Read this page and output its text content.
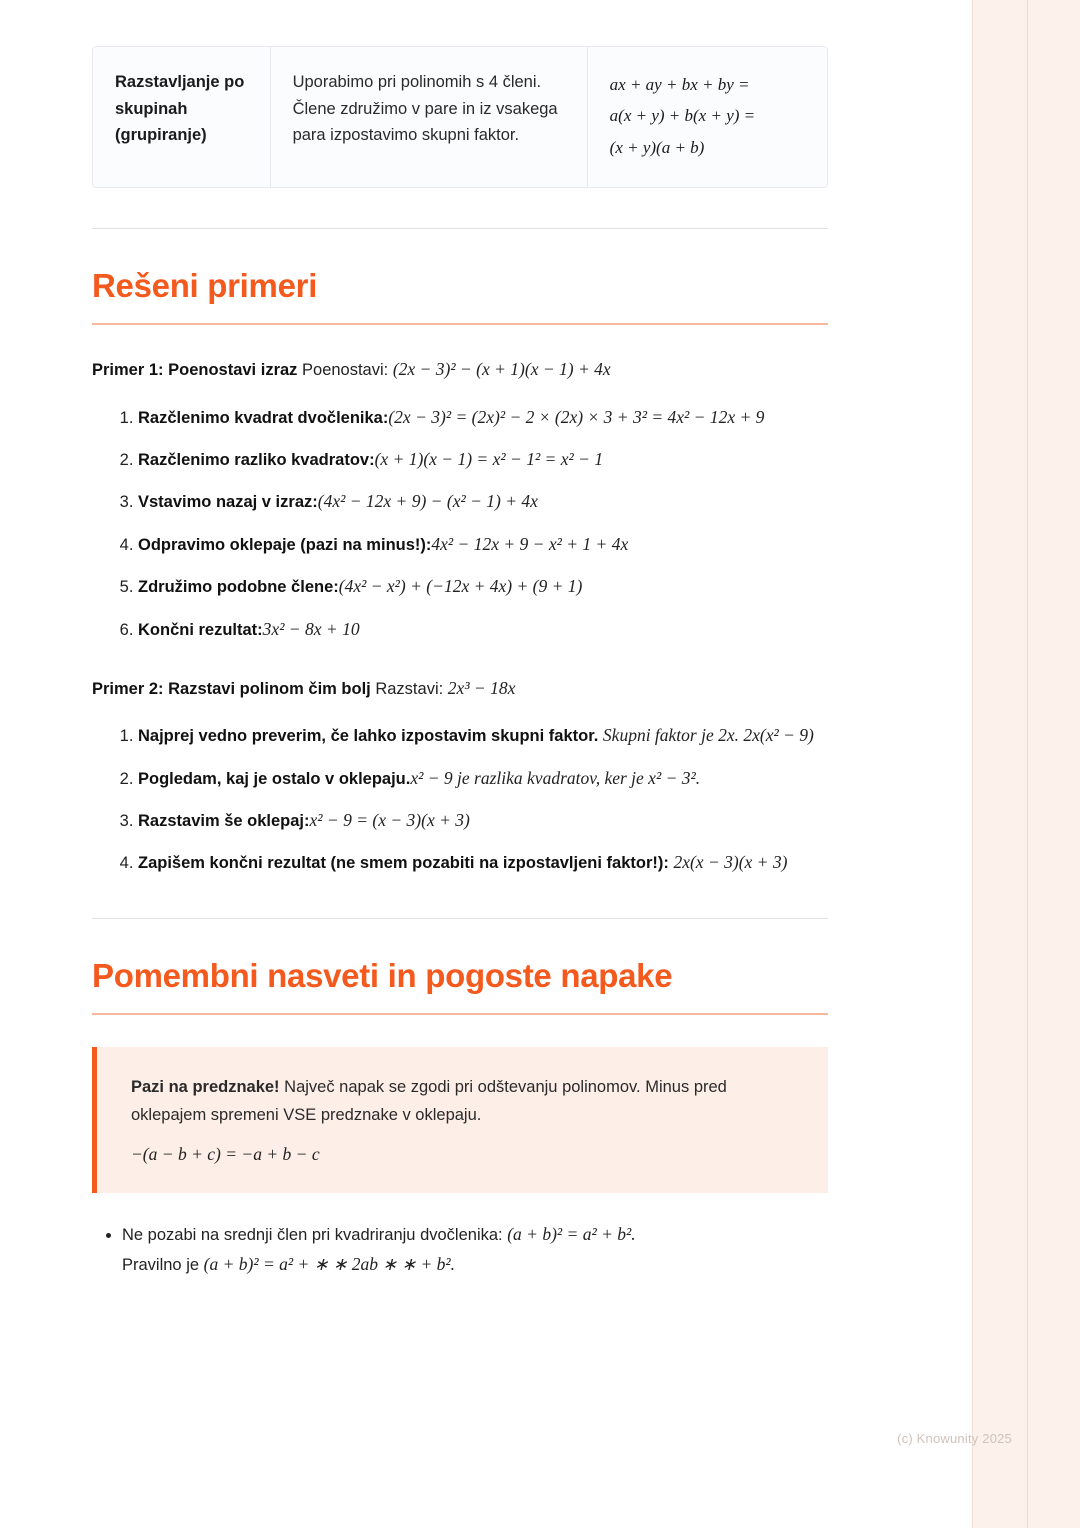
Razstavljanje po skupinah (grupiranje)
Uporabimo pri polinomih s 4 členi. Člene združimo v pare in iz vsakega para izpostavimo skupni faktor.
ax + ay + bx + by =
a(x + y) + b(x + y) =
(x + y)(a + b)
Rešeni primeri

Primer 1: Poenostavi izraz Poenostavi: (2x − 3)² − (x + 1)(x − 1) + 4x

1. Razčlenimo kvadrat dvočlenika:(2x − 3)² = (2x)² − 2 × (2x) × 3 + 3² = 4x² − 12x + 9
2. Razčlenimo razliko kvadratov:(x + 1)(x − 1) = x² − 1² = x² − 1
3. Vstavimo nazaj v izraz:(4x² − 12x + 9) − (x² − 1) + 4x
4. Odpravimo oklepaje (pazi na minus!):4x² − 12x + 9 − x² + 1 + 4x
5. Združimo podobne člene:(4x² − x²) + (−12x + 4x) + (9 + 1)
6. Končni rezultat:3x² − 8x + 10

Primer 2: Razstavi polinom čim bolj Razstavi: 2x³ − 18x

1. Najprej vedno preverim, če lahko izpostavim skupni faktor. Skupni faktor je 2x. 2x(x² − 9)
2. Pogledam, kaj je ostalo v oklepaju.x² − 9 je razlika kvadratov, ker je x² − 3².
3. Razstavim še oklepaj:x² − 9 = (x − 3)(x + 3)
4. Zapišem končni rezultat (ne smem pozabiti na izpostavljeni faktor!): 2x(x − 3)(x + 3)
Pomembni nasveti in pogoste napake

Pazi na predznake! Največ napak se zgodi pri odštevanju polinomov. Minus pred oklepajem spremeni VSE predznake v oklepaju.

−(a − b + c) = −a + b − c
• Ne pozabi na srednji člen pri kvadriranju dvočlenika: (a + b)² = a² + b².
Pravilno je (a + b)² = a² + ∗ ∗ 2ab ∗ ∗ + b².
(c) Knowunity 2025
